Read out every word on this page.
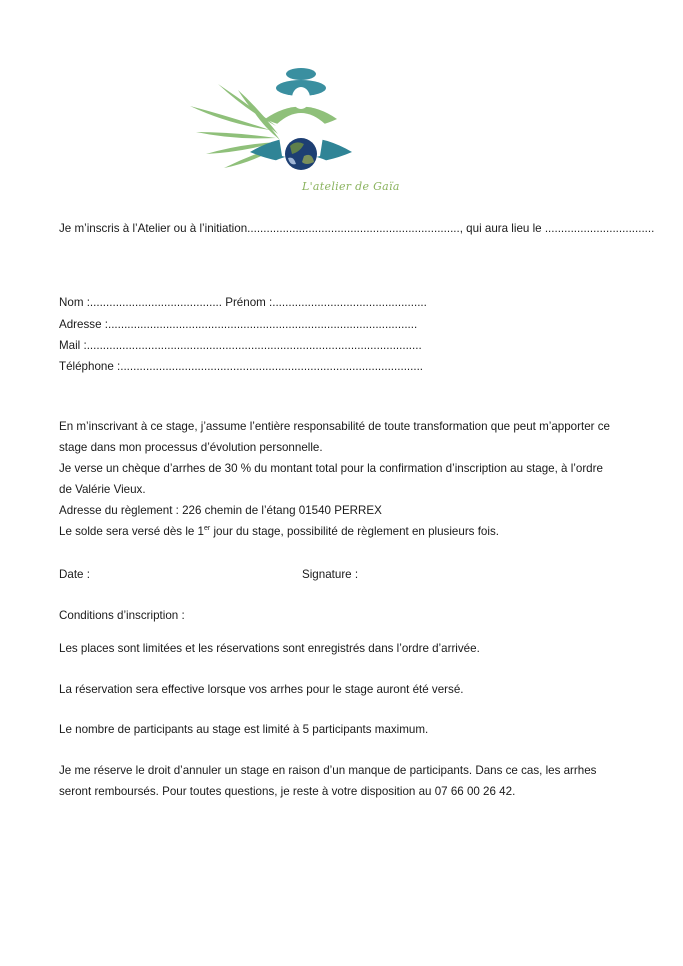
L'atelier de Gaïa
Je m’inscris à l’Atelier ou à l’initiation.................................................................., qui aura lieu le ..................................
Nom :......................................... Prénom :................................................
Adresse :................................................................................................
Mail :........................................................................................................
Téléphone :..............................................................................................
En m’inscrivant à ce stage, j’assume l’entière responsabilité de toute transformation que peut m’apporter ce
stage dans mon processus d’évolution personnelle.
Je verse un chèque d’arrhes de 30 % du montant total pour la confirmation d’inscription au stage, à l’ordre
de Valérie Vieux.
Adresse du règlement : 226 chemin de l’étang 01540 PERREX
Le solde sera versé dès le 1er jour du stage, possibilité de règlement en plusieurs fois.
Date :	Signature :
Conditions d’inscription :
Les places sont limitées et les réservations sont enregistrés dans l’ordre d’arrivée.
La réservation sera effective lorsque vos arrhes pour le stage auront été versé.
Le nombre de participants au stage est limité à 5 participants maximum.
Je me réserve le droit d’annuler un stage en raison d’un manque de participants. Dans ce cas, les arrhes
seront remboursés. Pour toutes questions, je reste à votre disposition au 07 66 00 26 42.
